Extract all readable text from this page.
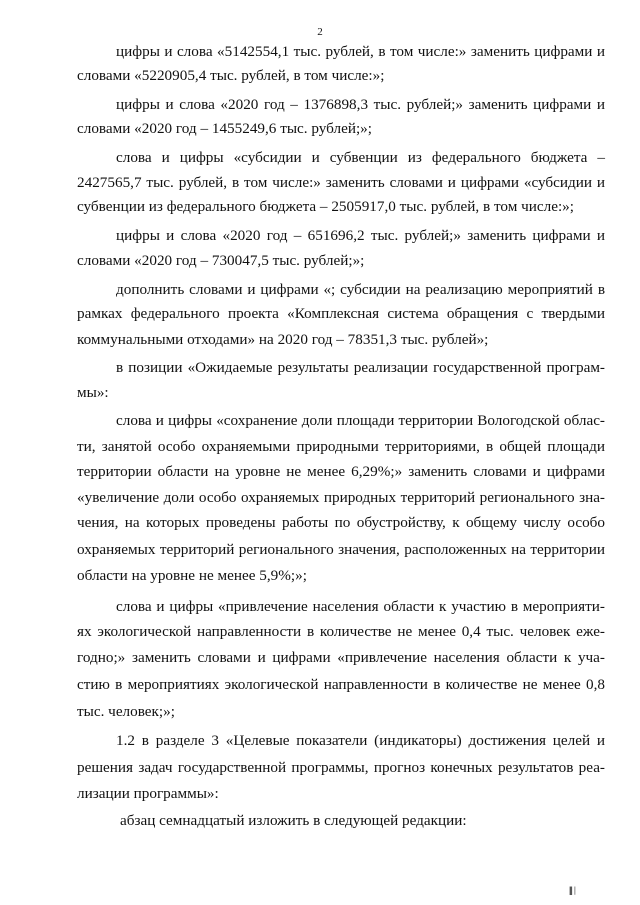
2
цифры и слова «5142554,1 тыс. рублей, в том числе:» заменить цифрами и
словами «5220905,4 тыс. рублей, в том числе:»;
цифры и слова «2020 год – 1376898,3 тыс. рублей;» заменить цифрами и
словами «2020 год – 1455249,6 тыс. рублей;»;
слова и цифры «субсидии и субвенции из федерального бюджета –
2427565,7 тыс. рублей, в том числе:» заменить словами и цифрами «субсидии и
субвенции из федерального бюджета – 2505917,0 тыс. рублей, в том числе:»;
цифры и слова «2020 год – 651696,2 тыс. рублей;» заменить цифрами и
словами «2020 год – 730047,5 тыс. рублей;»;
дополнить словами и цифрами «; субсидии на реализацию мероприятий в
рамках федерального проекта «Комплексная система обращения с твердыми
коммунальными отходами» на 2020 год – 78351,3 тыс. рублей»;
в позиции «Ожидаемые результаты реализации государственной програм-
мы»:
слова и цифры «сохранение доли площади территории Вологодской облас-
ти, занятой особо охраняемыми природными территориями, в общей площади
территории области на уровне не менее 6,29%;» заменить словами и цифрами
«увеличение доли особо охраняемых природных территорий регионального зна-
чения, на которых проведены работы по обустройству, к общему числу особо
охраняемых территорий регионального значения, расположенных на территории
области на уровне не менее 5,9%;»;
слова и цифры «привлечение населения области к участию в мероприяти-
ях экологической направленности в количестве не менее 0,4 тыс. человек еже-
годно;» заменить словами и цифрами «привлечение населения области к уча-
стию в мероприятиях экологической направленности в количестве не менее 0,8
тыс. человек;»;
1.2 в разделе 3 «Целевые показатели (индикаторы) достижения целей и
решения задач государственной программы, прогноз конечных результатов реа-
лизации программы»:
абзац семнадцатый изложить в следующей редакции:
▌▏
